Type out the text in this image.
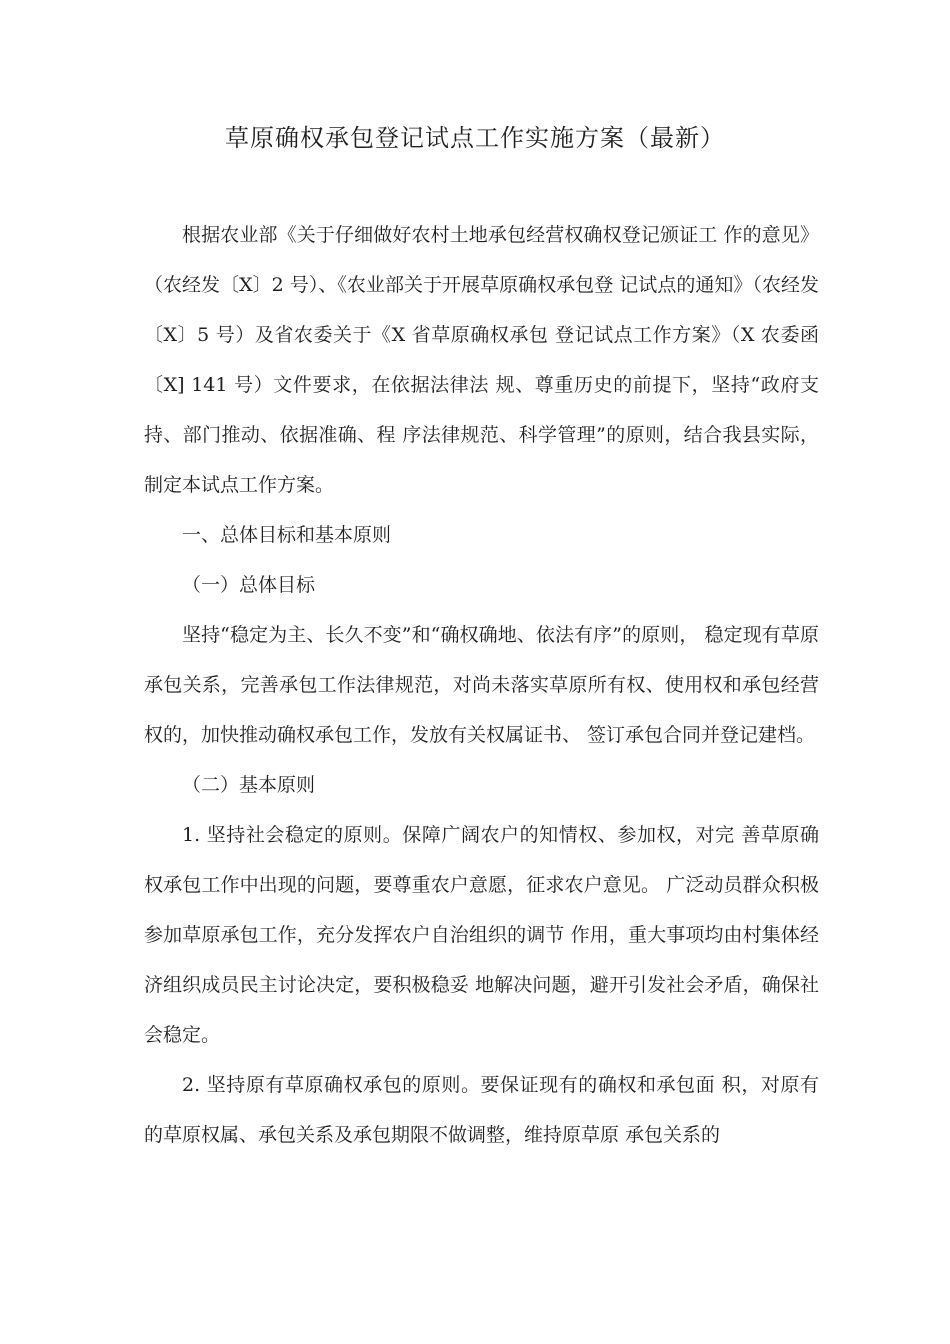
草原确权承包登记试点工作实施方案（最新）

根据农业部《关于仔细做好农村土地承包经营权确权登记颁证工 作的意见》（农经发〔X〕2 号）、《农业部关于开展草原确权承包登 记试点的通知》（农经发〔X〕5 号）及省农委关于《X 省草原确权承包 登记试点工作方案》（X 农委函〔X] 141 号）文件要求，在依据法律法 规、尊重历史的前提下，坚持“政府支持、部门推动、依据准确、程 序法律规范、科学管理”的原则，结合我县实际，制定本试点工作方案。

一、总体目标和基本原则

（一）总体目标

坚持“稳定为主、长久不变”和“确权确地、依法有序”的原则， 稳定现有草原承包关系，完善承包工作法律规范，对尚未落实草原所有权、使用权和承包经营权的，加快推动确权承包工作，发放有关权属证书、 签订承包合同并登记建档。

（二）基本原则

1. 坚持社会稳定的原则。保障广阔农户的知情权、参加权，对完 善草原确权承包工作中出现的问题，要尊重农户意愿，征求农户意见。 广泛动员群众积极参加草原承包工作，充分发挥农户自治组织的调节 作用，重大事项均由村集体经济组织成员民主讨论决定，要积极稳妥 地解决问题，避开引发社会矛盾，确保社会稳定。

2. 坚持原有草原确权承包的原则。要保证现有的确权和承包面 积，对原有的草原权属、承包关系及承包期限不做调整，维持原草原 承包关系的
